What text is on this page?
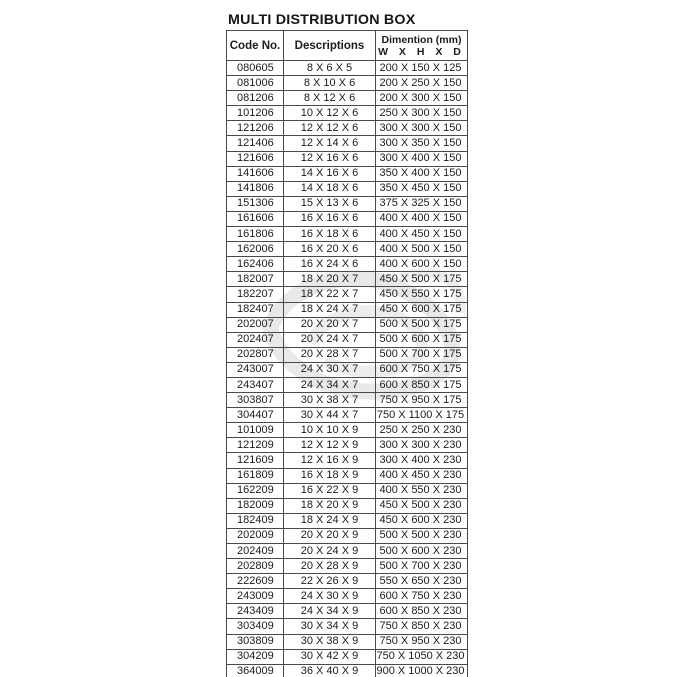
MULTI DISTRIBUTION BOX
Code No.	Descriptions	Dimention (mm)
W X H X D

080605	8 X 6 X 5	200 X 150 X 125
081006	8 X 10 X 6	200 X 250 X 150
081206	8 X 12 X 6	200 X 300 X 150
101206	10 X 12 X 6	250 X 300 X 150
121206	12 X 12 X 6	300 X 300 X 150
121406	12 X 14 X 6	300 X 350 X 150
121606	12 X 16 X 6	300 X 400 X 150
141606	14 X 16 X 6	350 X 400 X 150
141806	14 X 18 X 6	350 X 450 X 150
151306	15 X 13 X 6	375 X 325 X 150
161606	16 X 16 X 6	400 X 400 X 150
161806	16 X 18 X 6	400 X 450 X 150
162006	16 X 20 X 6	400 X 500 X 150
162406	16 X 24 X 6	400 X 600 X 150
182007	18 X 20 X 7	450 X 500 X 175
182207	18 X 22 X 7	450 X 550 X 175
182407	18 X 24 X 7	450 X 600 X 175
202007	20 X 20 X 7	500 X 500 X 175
202407	20 X 24 X 7	500 X 600 X 175
202807	20 X 28 X 7	500 X 700 X 175
243007	24 X 30 X 7	600 X 750 X 175
243407	24 X 34 X 7	600 X 850 X 175
303807	30 X 38 X 7	750 X 950 X 175
304407	30 X 44 X 7	750 X 1100 X 175
101009	10 X 10 X 9	250 X 250 X 230
121209	12 X 12 X 9	300 X 300 X 230
121609	12 X 16 X 9	300 X 400 X 230
161809	16 X 18 X 9	400 X 450 X 230
162209	16 X 22 X 9	400 X 550 X 230
182009	18 X 20 X 9	450 X 500 X 230
182409	18 X 24 X 9	450 X 600 X 230
202009	20 X 20 X 9	500 X 500 X 230
202409	20 X 24 X 9	500 X 600 X 230
202809	20 X 28 X 9	500 X 700 X 230
222609	22 X 26 X 9	550 X 650 X 230
243009	24 X 30 X 9	600 X 750 X 230
243409	24 X 34 X 9	600 X 850 X 230
303409	30 X 34 X 9	750 X 850 X 230
303809	30 X 38 X 9	750 X 950 X 230
304209	30 X 42 X 9	750 X 1050 X 230
364009	36 X 40 X 9	900 X 1000 X 230
